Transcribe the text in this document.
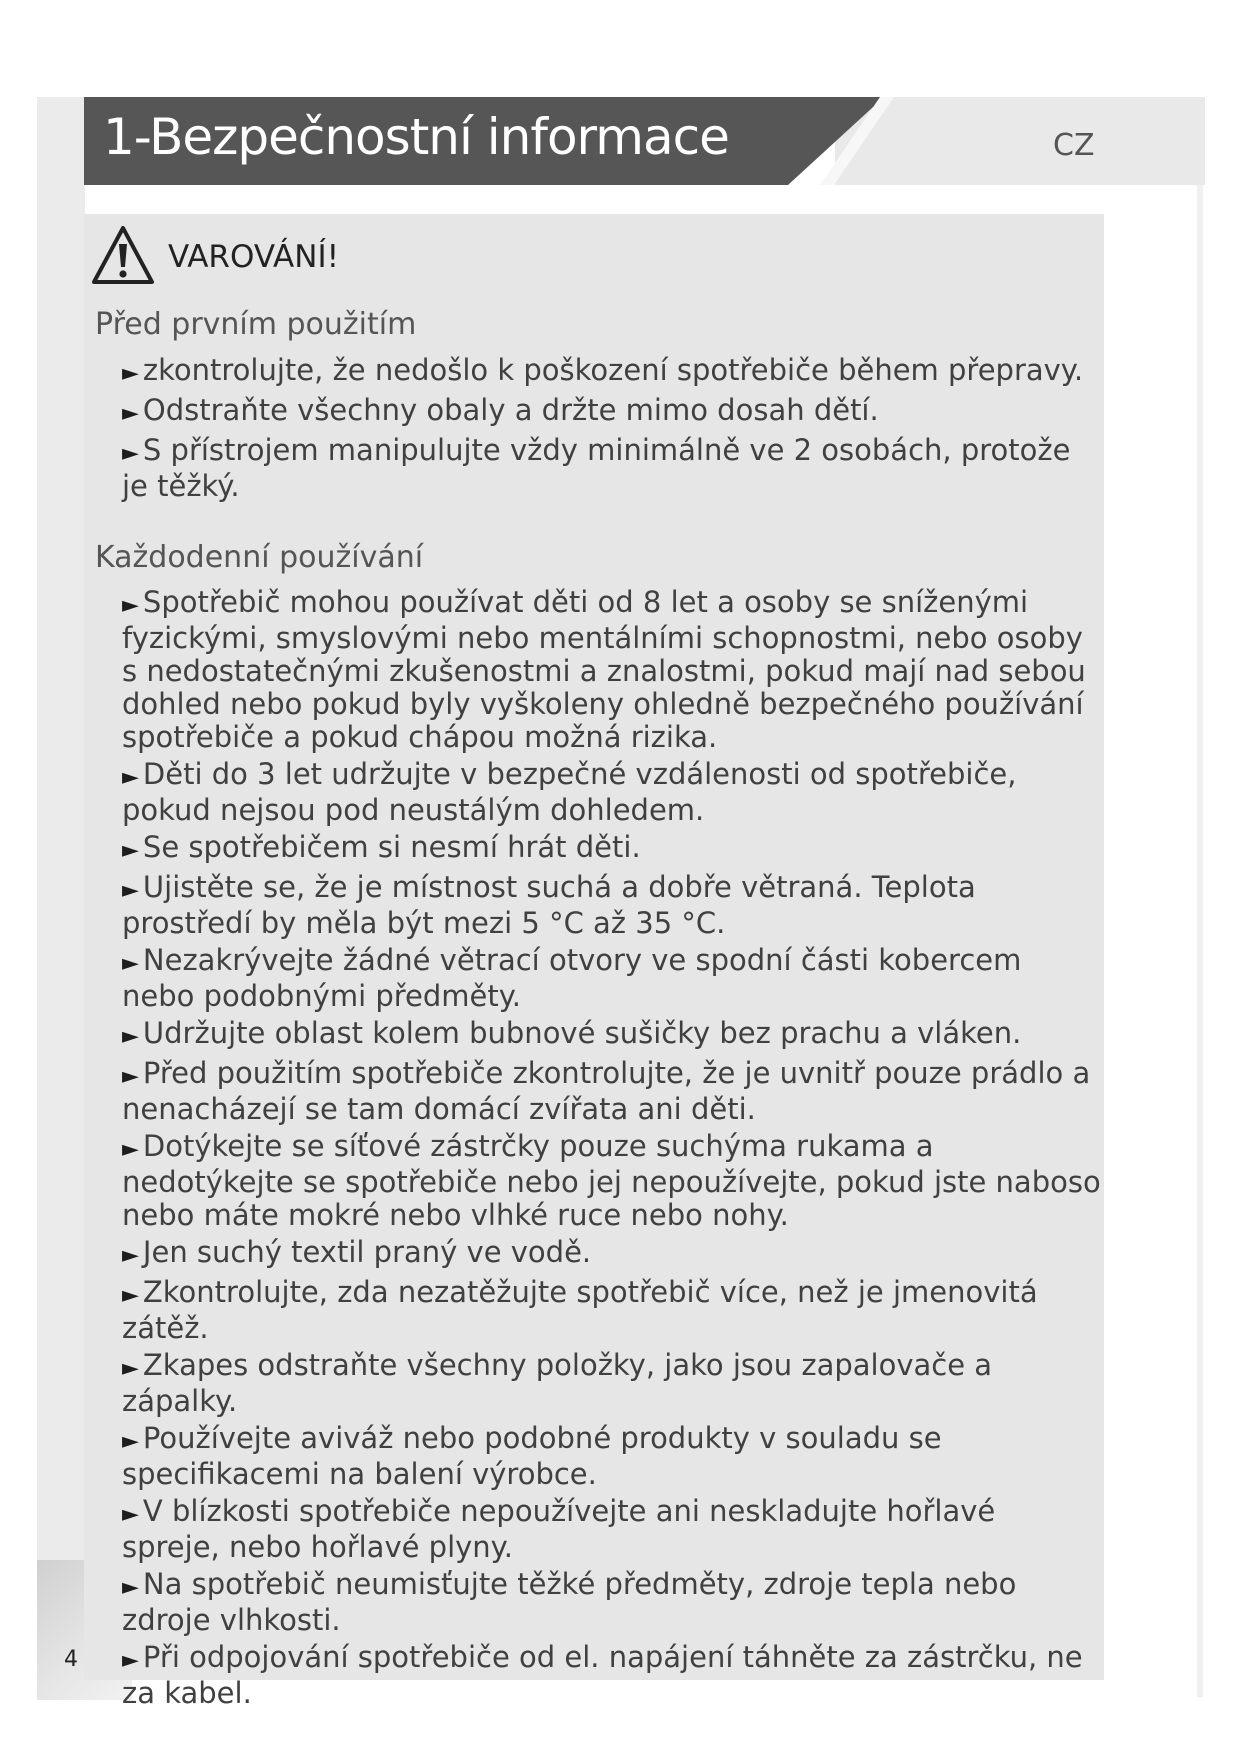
1-Bezpečnostní informace	CZ
VAROVÁNÍ!
Před prvním použitím
► zkontrolujte, že nedošlo k poškození spotřebiče během přepravy.
► Odstraňte všechny obaly a držte mimo dosah dětí.
► S přístrojem manipulujte vždy minimálně ve 2 osobách, protože je těžký.
Každodenní používání
► Spotřebič mohou používat děti od 8 let a osoby se sníženými fyzickými, smyslovými nebo mentálními schopnostmi, nebo osoby s nedostatečnými zkušenostmi a znalostmi, pokud mají nad sebou dohled nebo pokud byly vyškoleny ohledně bezpečného používání spotřebiče a pokud chápou možná rizika.
► Děti do 3 let udržujte v bezpečné vzdálenosti od spotřebiče, pokud nejsou pod neustálým dohledem.
► Se spotřebičem si nesmí hrát děti.
► Ujistěte se, že je místnost suchá a dobře větraná. Teplota prostředí by měla být mezi 5 °C až 35 °C.
► Nezakrývejte žádné větrací otvory ve spodní části kobercem nebo podobnými předměty.
► Udržujte oblast kolem bubnové sušičky bez prachu a vláken.
► Před použitím spotřebiče zkontrolujte, že je uvnitř pouze prádlo a nenacházejí se tam domácí zvířata ani děti.
► Dotýkejte se síťové zástrčky pouze suchýma rukama a nedotýkejte se spotřebiče nebo jej nepoužívejte, pokud jste naboso nebo máte mokré nebo vlhké ruce nebo nohy.
► Jen suchý textil praný ve vodě.
► Zkontrolujte, zda nezatěžujte spotřebič více, než je jmenovitá zátěž.
► Zkapes odstraňte všechny položky, jako jsou zapalovače a zápalky.
► Používejte aviváž nebo podobné produkty v souladu se specifikacemi na balení výrobce.
► V blízkosti spotřebiče nepoužívejte ani neskladujte hořlavé spreje, nebo hořlavé plyny.
► Na spotřebič neumisťujte těžké předměty, zdroje tepla nebo zdroje vlhkosti.
► Při odpojování spotřebiče od el. napájení táhněte za zástrčku, ne za kabel.
4
